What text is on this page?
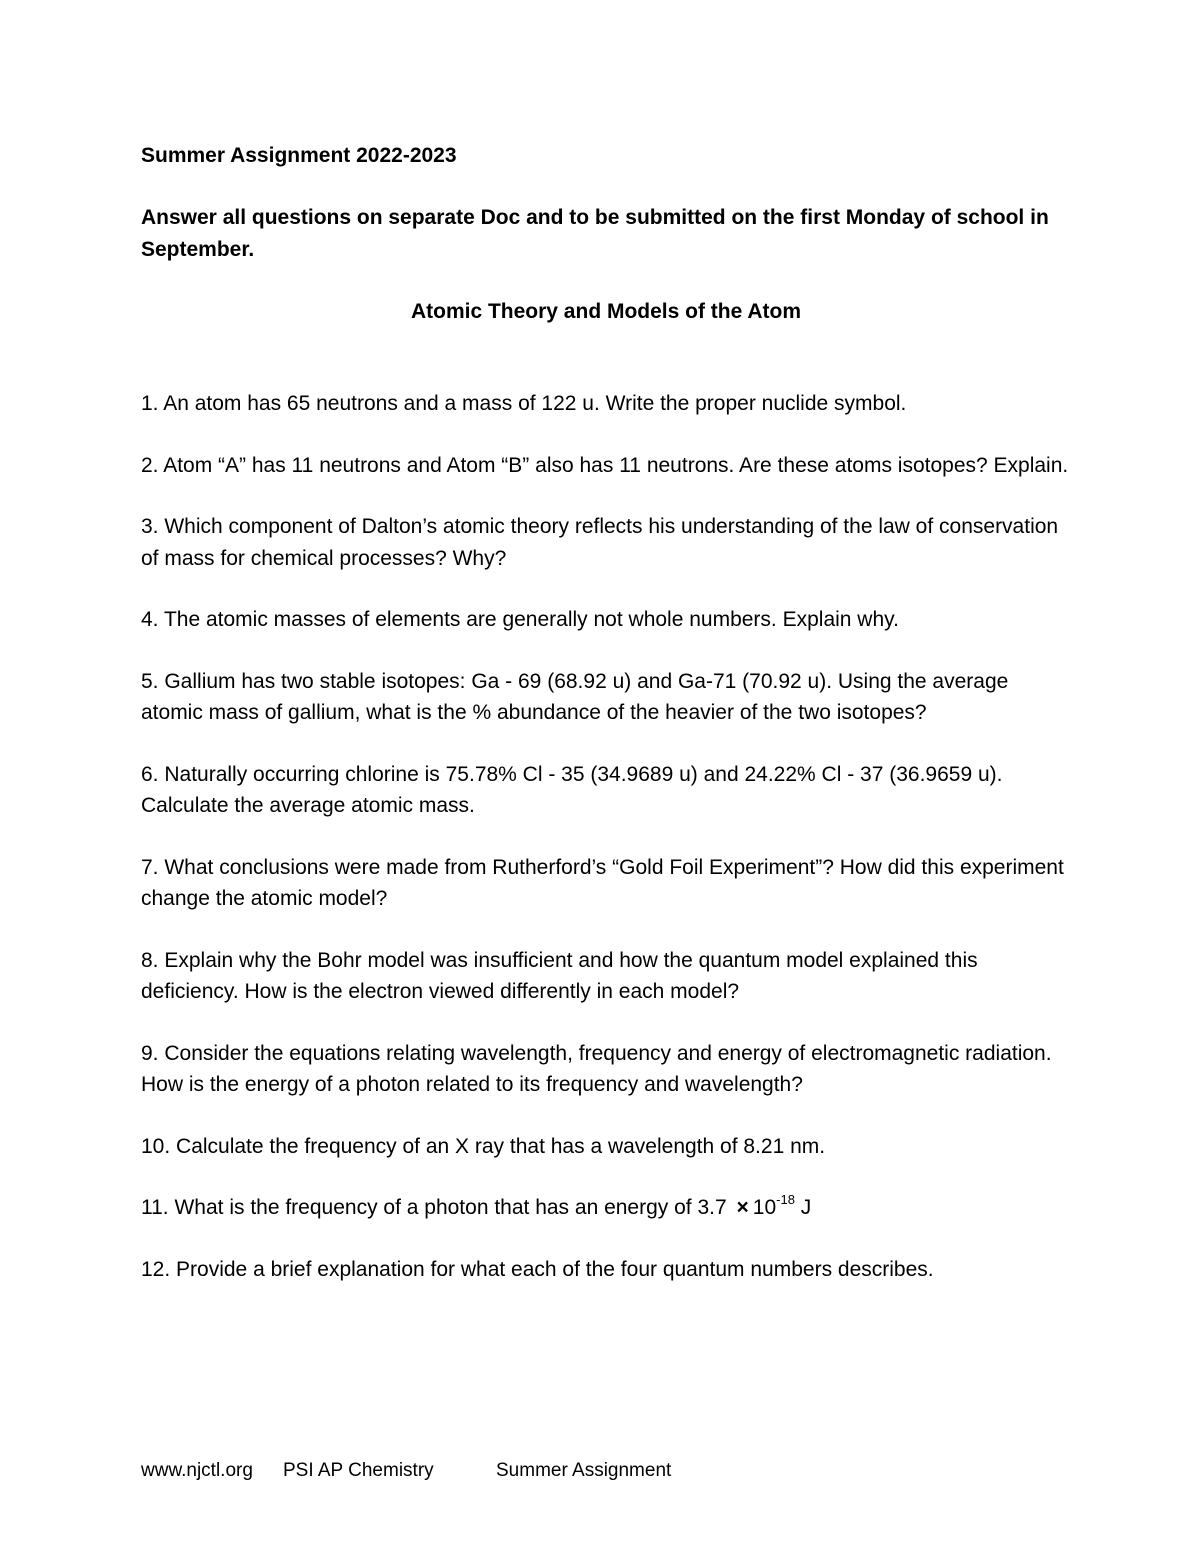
Summer Assignment 2022-2023

Answer all questions on separate Doc and to be submitted on the first Monday of school in September.

Atomic Theory and Models of the Atom

1. An atom has 65 neutrons and a mass of 122 u. Write the proper nuclide symbol.
2. Atom “A” has 11 neutrons and Atom “B” also has 11 neutrons. Are these atoms isotopes? Explain.
3. Which component of Dalton’s atomic theory reflects his understanding of the law of conservation of mass for chemical processes? Why?
4. The atomic masses of elements are generally not whole numbers. Explain why.
5. Gallium has two stable isotopes: Ga - 69 (68.92 u) and Ga-71 (70.92 u). Using the average atomic mass of gallium, what is the % abundance of the heavier of the two isotopes?
6. Naturally occurring chlorine is 75.78% Cl - 35 (34.9689 u) and 24.22% Cl - 37 (36.9659 u). Calculate the average atomic mass.
7. What conclusions were made from Rutherford’s “Gold Foil Experiment”? How did this experiment change the atomic model?
8. Explain why the Bohr model was insufficient and how the quantum model explained this deficiency. How is the electron viewed differently in each model?
9. Consider the equations relating wavelength, frequency and energy of electromagnetic radiation. How is the energy of a photon related to its frequency and wavelength?
10. Calculate the frequency of an X ray that has a wavelength of 8.21 nm.
11. What is the frequency of a photon that has an energy of $3.7 \times 10^{-18}$ J
12. Provide a brief explanation for what each of the four quantum numbers describes.
www.njctl.org PSI AP Chemistry	Summer Assignment
